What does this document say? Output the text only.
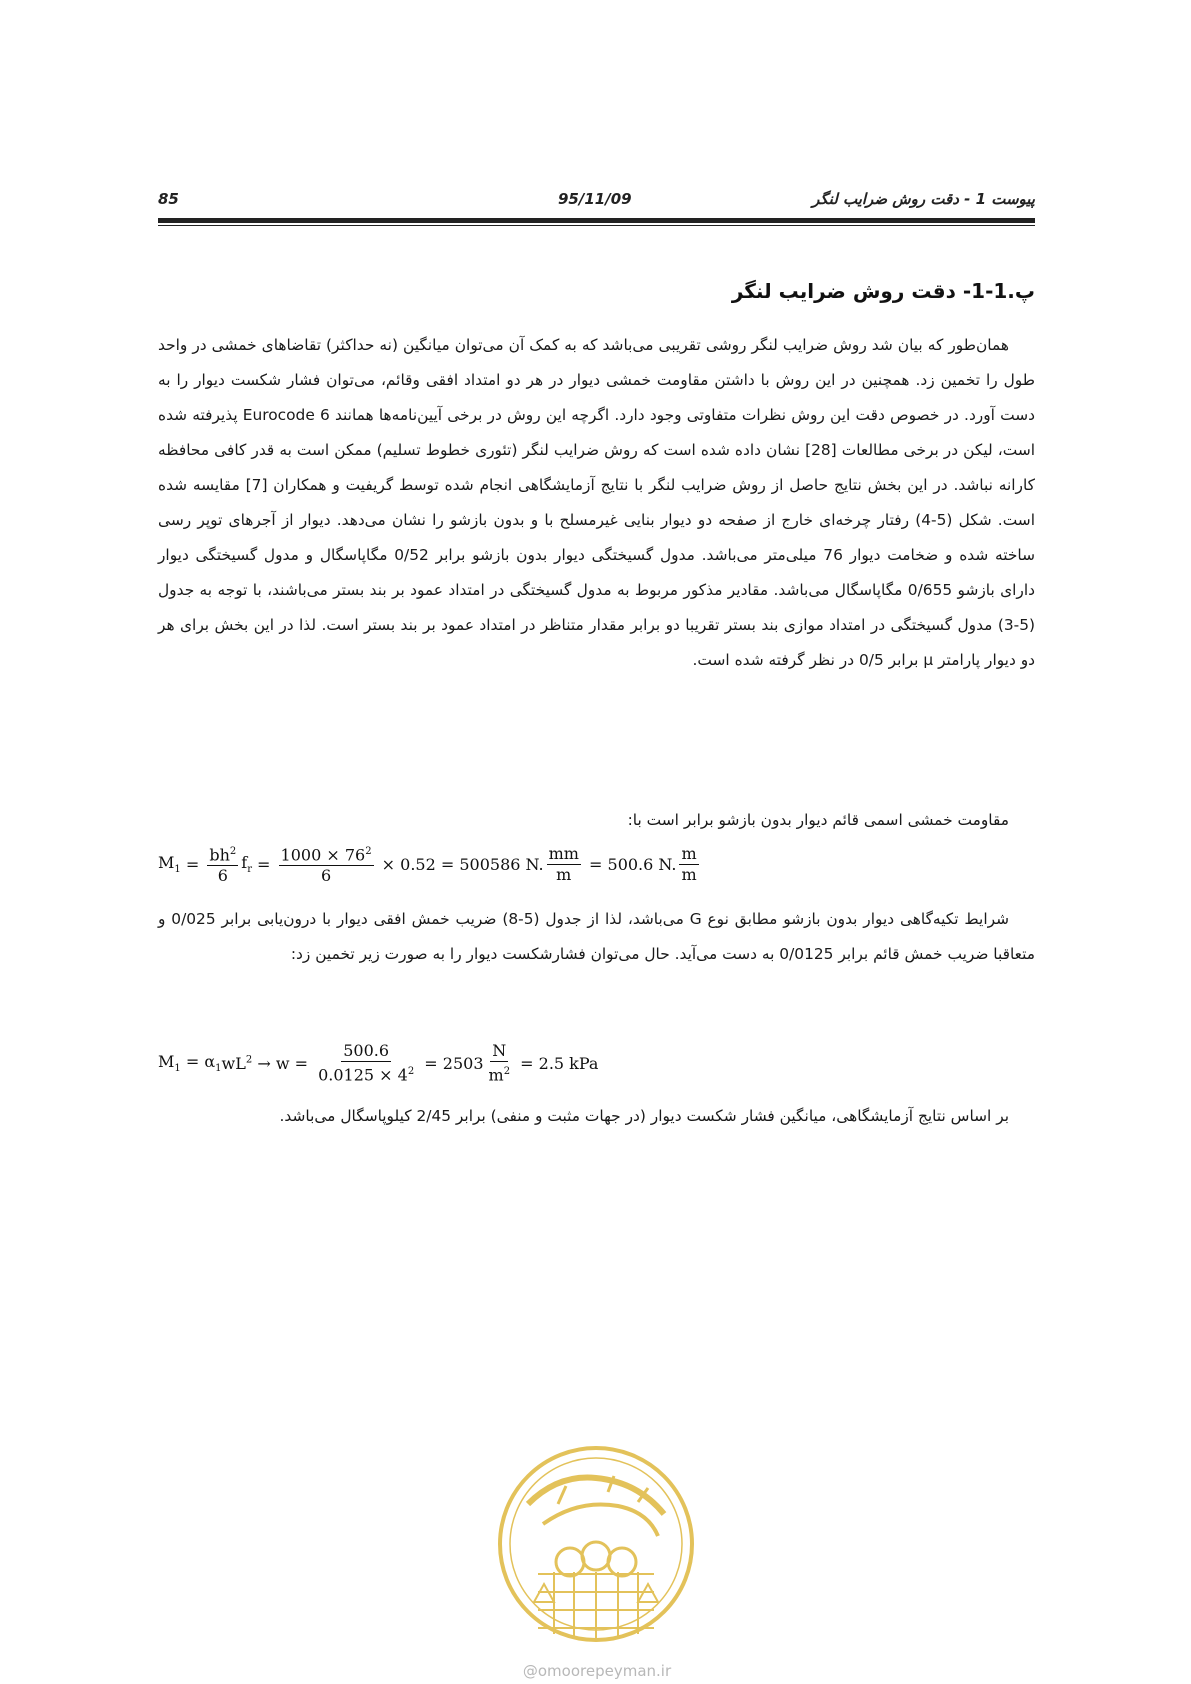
85	95/11/09	پیوست 1 - دقت روش ضرایب لنگر
پ.1-1- دقت روش ضرایب لنگر

همان‌طور که بیان شد روش ضرایب لنگر روشی تقریبی می‌باشد که به کمک آن می‌توان میانگین (نه حداکثر) تقاضاهای خمشی در واحد طول را تخمین زد. همچنین در این روش با داشتن مقاومت خمشی دیوار در هر دو امتداد افقی وقائم، می‌توان فشار شکست دیوار را به دست آورد. در خصوص دقت این روش نظرات متفاوتی وجود دارد. اگرچه این روش در برخی آیین‌نامه‌ها همانند Eurocode 6 پذیرفته شده است، لیکن در برخی مطالعات [28] نشان داده شده است که روش ضرایب لنگر (تئوری خطوط تسلیم) ممکن است به قدر کافی محافظه کارانه نباشد. در این بخش نتایج حاصل از روش ضرایب لنگر با نتایج آزمایشگاهی انجام شده توسط گریفیت و همکاران [7] مقایسه شده است. شکل (5-4) رفتار چرخه‌ای خارج از صفحه دو دیوار بنایی غیرمسلح با و بدون بازشو را نشان می‌دهد. دیوار از آجرهای توپر رسی ساخته شده و ضخامت دیوار 76 میلی‌متر می‌باشد. مدول گسیختگی دیوار بدون بازشو برابر 0/52 مگاپاسگال و مدول گسیختگی دیوار دارای بازشو 0/655 مگاپاسگال می‌باشد. مقادیر مذکور مربوط به مدول گسیختگی در امتداد عمود بر بند بستر می‌باشند، با توجه به جدول (5-3) مدول گسیختگی در امتداد موازی بند بستر تقریبا دو برابر مقدار متناظر در امتداد عمود بر بند بستر است. لذا در این بخش برای هر دو دیوار پارامتر μ برابر 0/5 در نظر گرفته شده است.

مقاومت خمشی اسمی قائم دیوار بدون بازشو برابر است با:

$M_1 = \frac{bh^2}{6} f_r = \frac{1000 \times 76^2}{6} \times 0.52 = 500586$ N. $\frac{mm}{m} = 500.6$ N. $\frac{m}{m}$

شرایط تکیه‌گاهی دیوار بدون بازشو مطابق نوع G می‌باشد، لذا از جدول (5-8) ضریب خمش افقی دیوار با درون‌یابی برابر 0/025 و متعاقبا ضریب خمش قائم برابر 0/0125 به دست می‌آید. حال می‌توان فشارشکست دیوار را به صورت زیر تخمین زد:

$M_1 = \alpha_1$ $wL^2 \to w = \frac{500.6}{0.0125 \times 4^2} = 2503 \frac{N}{m^2} = 2.5$ kPa

بر اساس نتایج آزمایشگاهی، میانگین فشار شکست دیوار (در جهات مثبت و منفی) برابر 2/45 کیلوپاسگال می‌باشد.

@omoorepeyman.ir
